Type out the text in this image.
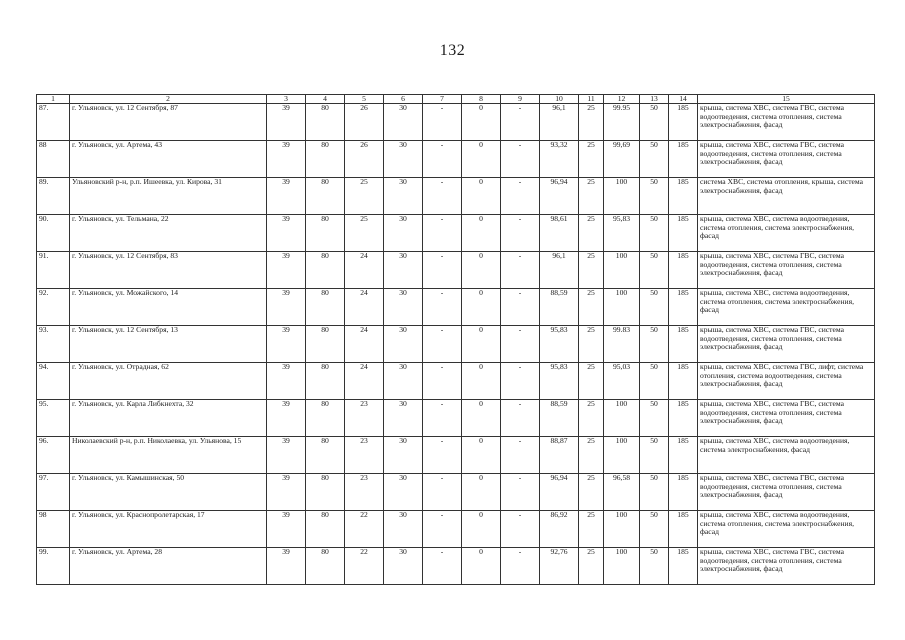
132
1	2	3	4	5	6	7	8	9	10	11	12	13	14	15
87.	г. Ульяновск, ул. 12 Сентября, 87	39	80	26	30	-	0	-	96,1	25	99.95	50	185	крыша, система ХВС, система ГВС, система водоотведения, система отопления, система электроснабжения, фасад
88	г. Ульяновск, ул. Артема, 43	39	80	26	30	-	0	-	93,32	25	99,69	50	185	крыша, система ХВС, система ГВС, система водоотведения, система отопления, система электроснабжения, фасад
89.	Ульяновский р-н, р.п. Ишеевка, ул. Кирова, 31	39	80	25	30	-	0	-	96,94	25	100	50	185	система ХВС, система отопления, крыша, система электроснабжения, фасад
90.	г. Ульяновск, ул. Тельмана, 22	39	80	25	30	-	0	-	98,61	25	95,83	50	185	крыша, система ХВС, система водоотведения, система отопления, система электроснабжения, фасад
91.	г. Ульяновск, ул. 12 Сентября, 83	39	80	24	30	-	0	-	96,1	25	100	50	185	крыша, система ХВС, система ГВС, система водоотведения, система отопления, система электроснабжения, фасад
92.	г. Ульяновск, ул. Можайского, 14	39	80	24	30	-	0	-	88,59	25	100	50	185	крыша, система ХВС, система водоотведения, система отопления, система электроснабжения, фасад
93.	г. Ульяновск, ул. 12 Сентября, 13	39	80	24	30	-	0	-	95,83	25	99.83	50	185	крыша, система ХВС, система ГВС, система водоотведения, система отопления, система электроснабжения, фасад
94.	г. Ульяновск, ул. Отрадная, 62	39	80	24	30	-	0	-	95,83	25	95,03	50	185	крыша, система ХВС, система ГВС, лифт, система отопления, система водоотведения, система электроснабжения, фасад
95.	г. Ульяновск, ул. Карла Либкнехта, 32	39	80	23	30	-	0	-	88,59	25	100	50	185	крыша, система ХВС, система ГВС, система водоотведения, система отопления, система электроснабжения, фасад
96.	Николаевский р-н, р.п. Николаевка, ул. Ульянова, 15	39	80	23	30	-	0	-	88,87	25	100	50	185	крыша, система ХВС, система водоотведения, система электроснабжения, фасад
97.	г. Ульяновск, ул. Камышинская, 50	39	80	23	30	-	0	-	96,94	25	96,58	50	185	крыша, система ХВС, система ГВС, система водоотведения, система отопления, система электроснабжения, фасад
98	г. Ульяновск, ул. Краснопролетарская, 17	39	80	22	30	-	0	-	86,92	25	100	50	185	крыша, система ХВС, система водоотведения, система отопления, система электроснабжения, фасад
99.	г. Ульяновск, ул. Артема, 28	39	80	22	30	-	0	-	92,76	25	100	50	185	крыша, система ХВС, система ГВС, система водоотведения, система отопления, система электроснабжения, фасад
